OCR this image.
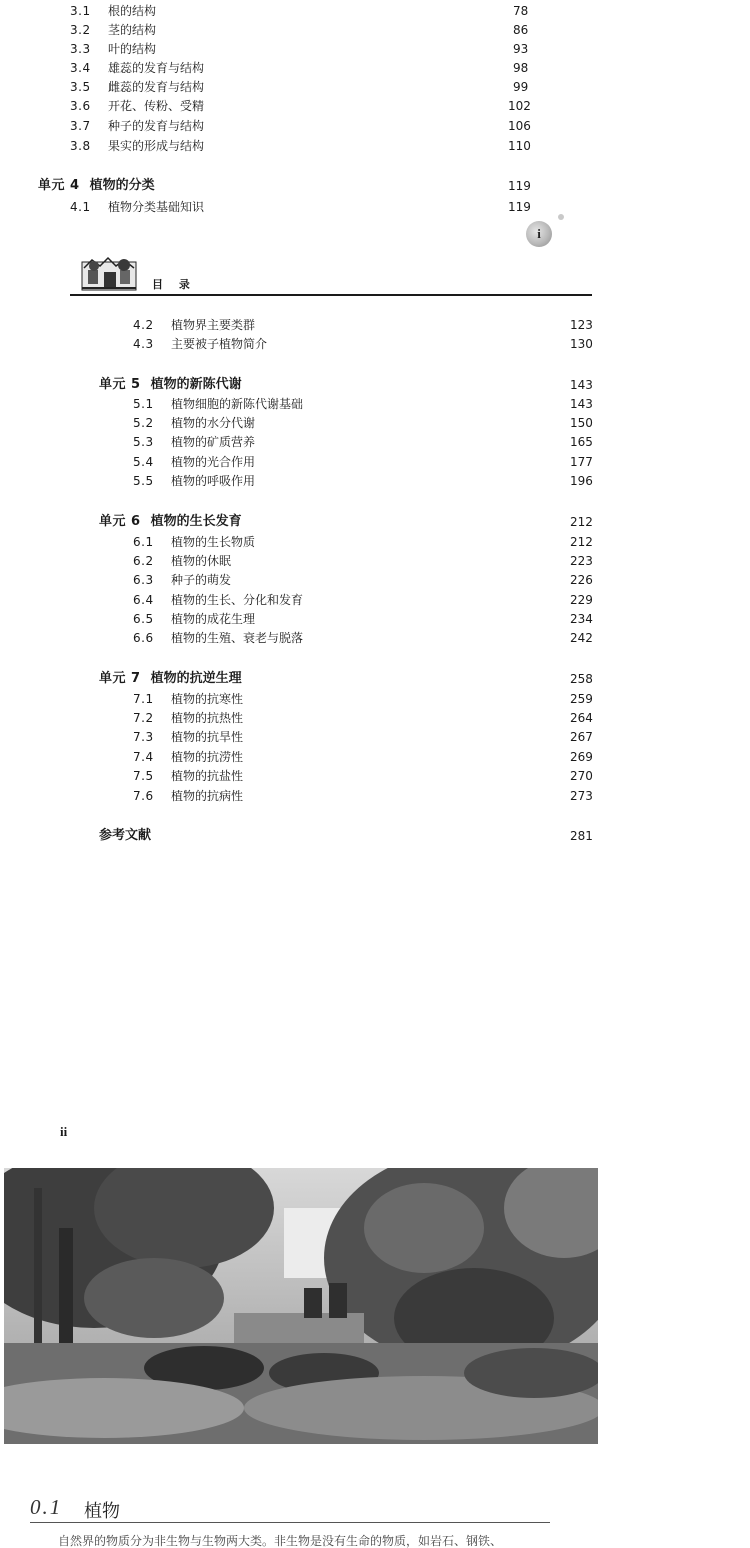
3.1 根的结构	78
3.2 茎的结构	86
3.3 叶的结构	93
3.4 雄蕊的发育与结构	98
3.5 雌蕊的发育与结构	99
3.6 开花、传粉、受精	102
3.7 种子的发育与结构	106
3.8 果实的形成与结构	110
单元 4 植物的分类	119
4.1 植物分类基础知识	119
i
目 录
4.2 植物界主要类群	123
4.3 主要被子植物简介	130
单元 5 植物的新陈代谢	143
5.1 植物细胞的新陈代谢基础	143
5.2 植物的水分代谢	150
5.3 植物的矿质营养	165
5.4 植物的光合作用	177
5.5 植物的呼吸作用	196
单元 6 植物的生长发育	212
6.1 植物的生长物质	212
6.2 植物的休眠	223
6.3 种子的萌发	226
6.4 植物的生长、分化和发育	229
6.5 植物的成花生理	234
6.6 植物的生殖、衰老与脱落	242
单元 7 植物的抗逆生理	258
7.1 植物的抗寒性	259
7.2 植物的抗热性	264
7.3 植物的抗旱性	267
7.4 植物的抗涝性	269
7.5 植物的抗盐性	270
7.6 植物的抗病性	273
参考文献	281
ii
0.1 植物
自然界的物质分为非生物与生物两大类。非生物是没有生命的物质，如岩石、钢铁、
